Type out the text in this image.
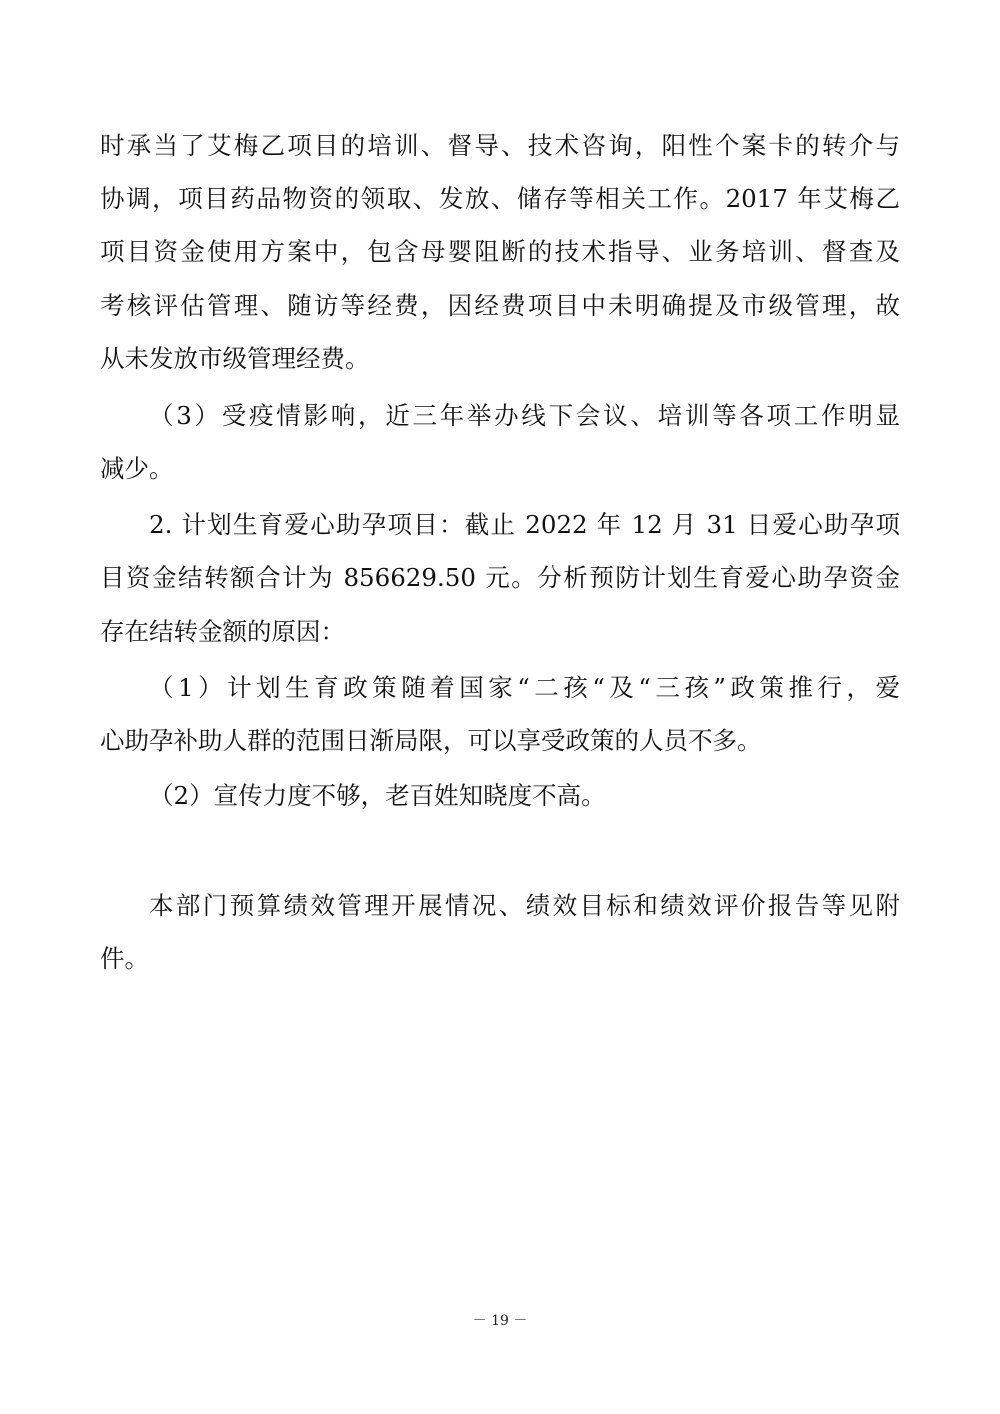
时承当了艾梅乙项目的培训、督导、技术咨询，阳性个案卡的转介与
协调，项目药品物资的领取、发放、储存等相关工作。2017 年艾梅乙
项目资金使用方案中，包含母婴阻断的技术指导、业务培训、督查及
考核评估管理、随访等经费，因经费项目中未明确提及市级管理，故
从未发放市级管理经费。
（3）受疫情影响，近三年举办线下会议、培训等各项工作明显
减少。
2. 计划生育爱心助孕项目：截止 2022 年 12 月 31 日爱心助孕项
目资金结转额合计为 856629.50 元。分析预防计划生育爱心助孕资金
存在结转金额的原因：
（1）计划生育政策随着国家“二孩“及“三孩”政策推行，爱
心助孕补助人群的范围日渐局限，可以享受政策的人员不多。
（2）宣传力度不够，老百姓知晓度不高。
本部门预算绩效管理开展情况、绩效目标和绩效评价报告等见附
件。
－ 19 －
